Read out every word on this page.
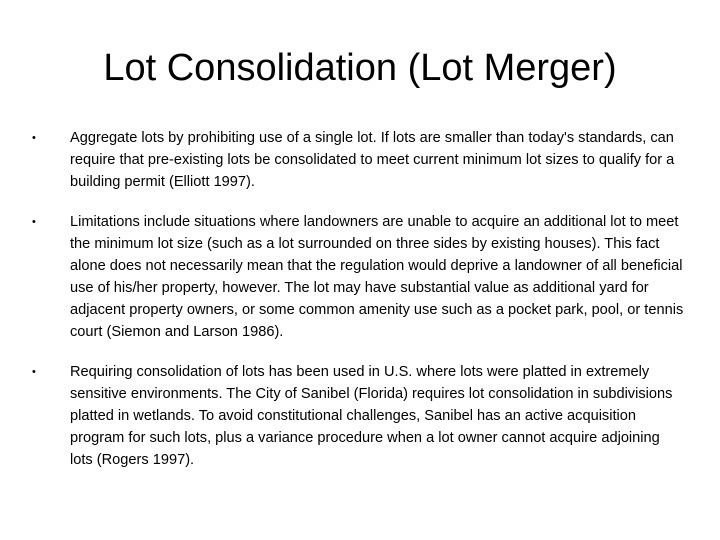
Lot Consolidation (Lot Merger)
• Aggregate lots by prohibiting use of a single lot. If lots are smaller than today's standards, can require that pre-existing lots be consolidated to meet current minimum lot sizes to qualify for a building permit (Elliott 1997).
• Limitations include situations where landowners are unable to acquire an additional lot to meet the minimum lot size (such as a lot surrounded on three sides by existing houses). This fact alone does not necessarily mean that the regulation would deprive a landowner of all beneficial use of his/her property, however. The lot may have substantial value as additional yard for adjacent property owners, or some common amenity use such as a pocket park, pool, or tennis court (Siemon and Larson 1986).
• Requiring consolidation of lots has been used in U.S. where lots were platted in extremely sensitive environments. The City of Sanibel (Florida) requires lot consolidation in subdivisions platted in wetlands. To avoid constitutional challenges, Sanibel has an active acquisition program for such lots, plus a variance procedure when a lot owner cannot acquire adjoining lots (Rogers 1997).
